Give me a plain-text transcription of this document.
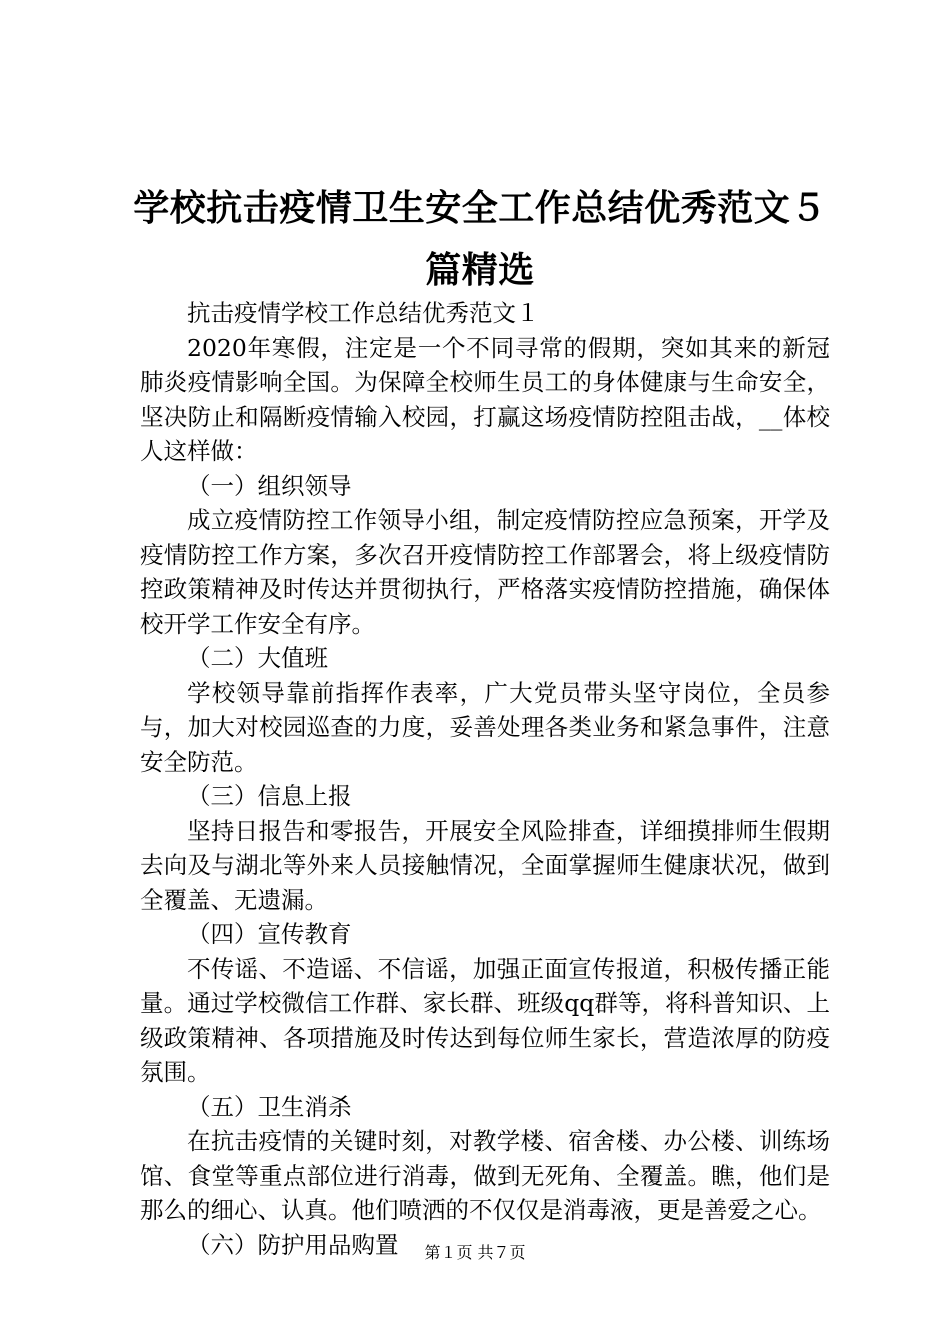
学校抗击疫情卫生安全工作总结优秀范文５篇精选

抗击疫情学校工作总结优秀范文１

2020年寒假，注定是一个不同寻常的假期，突如其来的新冠肺炎疫情影响全国。为保障全校师生员工的身体健康与生命安全，坚决防止和隔断疫情输入校园，打赢这场疫情防控阻击战，__体校人这样做：

（一）组织领导

成立疫情防控工作领导小组，制定疫情防控应急预案，开学及疫情防控工作方案，多次召开疫情防控工作部署会，将上级疫情防控政策精神及时传达并贯彻执行，严格落实疫情防控措施，确保体校开学工作安全有序。

（二）大值班

学校领导靠前指挥作表率，广大党员带头坚守岗位，全员参与，加大对校园巡查的力度，妥善处理各类业务和紧急事件，注意安全防范。

（三）信息上报

坚持日报告和零报告，开展安全风险排查，详细摸排师生假期去向及与湖北等外来人员接触情况，全面掌握师生健康状况，做到全覆盖、无遗漏。

（四）宣传教育

不传谣、不造谣、不信谣，加强正面宣传报道，积极传播正能量。通过学校微信工作群、家长群、班级qq群等，将科普知识、上级政策精神、各项措施及时传达到每位师生家长，营造浓厚的防疫氛围。

（五）卫生消杀

在抗击疫情的关键时刻，对教学楼、宿舍楼、办公楼、训练场馆、食堂等重点部位进行消毒，做到无死角、全覆盖。瞧，他们是那么的细心、认真。他们喷洒的不仅仅是消毒液，更是善爱之心。

（六）防护用品购置	第１页 共７页
